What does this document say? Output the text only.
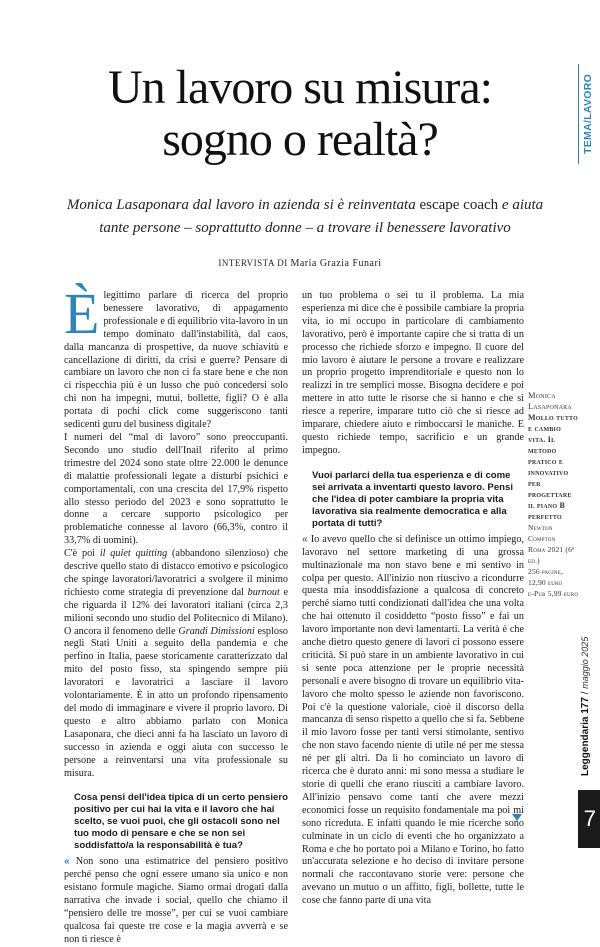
TEMA/LAVORO
Un lavoro su misura:
sogno o realtà?
Monica Lasaponara dal lavoro in azienda si è reinventata escape coach e aiuta tante persone – soprattutto donne – a trovare il benessere lavorativo
INTERVISTA DI Maria Grazia Funari
È legittimo parlare di ricerca del proprio benessere lavorativo, di appagamento professionale e di equilibrio vita-lavoro in un tempo dominato dall'instabilità, dal caos, dalla mancanza di prospettive, da nuove schiavitù e cancellazione di diritti, da crisi e guerre? Pensare di cambiare un lavoro che non ci fa stare bene e che non ci rispecchia più è un lusso che può concedersi solo chi non ha impegni, mutui, bollette, figli? O è alla portata di pochi click come suggeriscono tanti sedicenti guru del business digitale?

I numeri del “mal di lavoro” sono preoccupanti. Secondo uno studio dell'Inail riferito al primo trimestre del 2024 sono state oltre 22.000 le denunce di malattie professionali legate a disturbi psichici e comportamentali, con una crescita del 17,9% rispetto allo stesso periodo del 2023 e sono soprattutto le donne a cercare supporto psicologico per problematiche connesse al lavoro (66,3%, contro il 33,7% di uomini).

C'è poi il quiet quitting (abbandono silenzioso) che descrive quello stato di distacco emotivo e psicologico che spinge lavoratori/lavoratrici a svolgere il minimo richiesto come strategia di prevenzione dal burnout e che riguarda il 12% dei lavoratori italiani (circa 2,3 milioni secondo uno studio del Politecnico di Milano). O ancora il fenomeno delle Grandi Dimissioni esploso negli Stati Uniti a seguito della pandemia e che perfino in Italia, paese storicamente caratterizzato dal mito del posto fisso, sta spingendo sempre più lavoratori e lavoratrici a lasciare il lavoro volontariamente. È in atto un profondo ripensamento del modo di immaginare e vivere il proprio lavoro. Di questo e altro abbiamo parlato con Monica Lasaponara, che dieci anni fa ha lasciato un lavoro di successo in azienda e oggi aiuta con successo le persone a reinventarsi una vita professionale su misura.

Cosa pensi dell'idea tipica di un certo pensiero positivo per cui hai la vita e il lavoro che hai scelto, se vuoi puoi, che gli ostacoli sono nel tuo modo di pensare e che se non sei soddisfatto/a la responsabilità è tua?

« Non sono una estimatrice del pensiero positivo perché penso che ogni essere umano sia unico e non esistano formule magiche. Siamo ormai drogati dalla narrativa che invade i social, quello che chiamo il “pensiero delle tre mosse”, per cui se vuoi cambiare qualcosa fai queste tre cose e la magia avverrà e se non ti riesce è

un tuo problema o sei tu il problema. La mia esperienza mi dice che è possibile cambiare la propria vita, io mi occupo in particolare di cambiamento lavorativo, però è importante capire che si tratta di un processo che richiede sforzo e impegno. Il cuore del mio lavoro è aiutare le persone a trovare e realizzare un proprio progetto imprenditoriale e questo non lo realizzi in tre semplici mosse. Bisogna decidere e poi mettere in atto tutte le risorse che si hanno e che si riesce a reperire, imparare tutto ciò che si riesce ad imparare, chiedere aiuto e rimboccarsi le maniche. E questo richiede tempo, sacrificio e un grande impegno.

Vuoi parlarci della tua esperienza e di come sei arrivata a inventarti questo lavoro. Pensi che l'idea di poter cambiare la propria vita lavorativa sia realmente democratica e alla portata di tutti?

« Io avevo quello che si definisce un ottimo impiego, lavoravo nel settore marketing di una grossa multinazionale ma non stavo bene e mi sentivo in colpa per questo. All'inizio non riuscivo a ricondurre questa mia insoddisfazione a qualcosa di concreto perché siamo tutti condizionati dall'idea che una volta che hai ottenuto il cosiddetto “posto fisso” e fai un lavoro importante non devi lamentarti. La verità è che anche dietro questo genere di lavori ci possono essere criticità. Si può stare in un ambiente lavorativo in cui si sente poca attenzione per le proprie necessità personali e avere bisogno di trovare un equilibrio vita-lavoro che molto spesso le aziende non favoriscono. Poi c'è la questione valoriale, cioè il discorso della mancanza di senso rispetto a quello che si fa. Sebbene il mio lavoro fosse per tanti versi stimolante, sentivo che non stavo facendo niente di utile né per me stessa né per gli altri. Da lì ho cominciato un lavoro di ricerca che è durato anni: mi sono messa a studiare le storie di quelli che erano riusciti a cambiare lavoro. All'inizio pensavo come tanti che avere mezzi economici fosse un requisito fondamentale ma poi mi sono ricreduta. E infatti quando le mie ricerche sono culminate in un ciclo di eventi che ho organizzato a Roma e che ho portato poi a Milano e Torino, ho fatto un'accurata selezione e ho deciso di invitare persone normali che raccontavano storie vere: persone che avevano un mutuo o un affitto, figli, bollette, tutte le cose che fanno parte di una vita

Monica Lasaponara
Mollo tutto e cambio vita. Il metodo pratico e innovativo per progettare il piano B perfetto
Newton Compton
Roma 2021 (6ª ed.)
256 pagine, 12,90 euro
e-Pub 5,99 euro
Leggendaria 177 / maggio 2025
7
